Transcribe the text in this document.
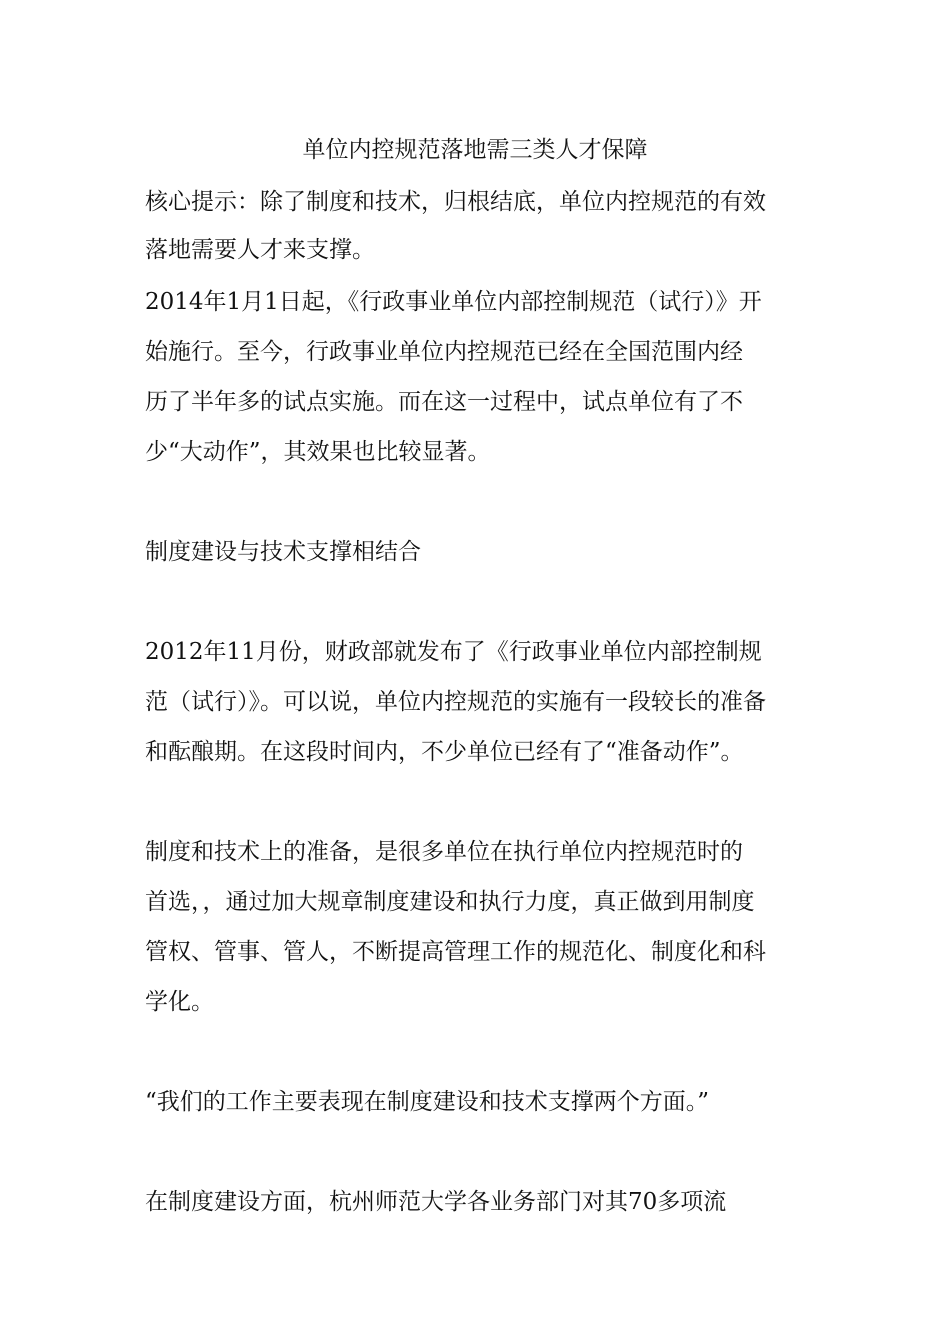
单位内控规范落地需三类人才保障

核心提示：除了制度和技术，归根结底，单位内控规范的有效

落地需要人才来支撑。

2014年1月1日起，《行政事业单位内部控制规范（试行）》开

始施行。至今，行政事业单位内控规范已经在全国范围内经

历了半年多的试点实施。而在这一过程中，试点单位有了不

少“大动作”，其效果也比较显著。

制度建设与技术支撑相结合

2012年11月份，财政部就发布了《行政事业单位内部控制规

范（试行）》。可以说，单位内控规范的实施有一段较长的准备

和酝酿期。在这段时间内，不少单位已经有了“准备动作”。

制度和技术上的准备，是很多单位在执行单位内控规范时的

首选，，通过加大规章制度建设和执行力度，真正做到用制度

管权、管事、管人，不断提高管理工作的规范化、制度化和科

学化。

“我们的工作主要表现在制度建设和技术支撑两个方面。”

在制度建设方面，杭州师范大学各业务部门对其70多项流
